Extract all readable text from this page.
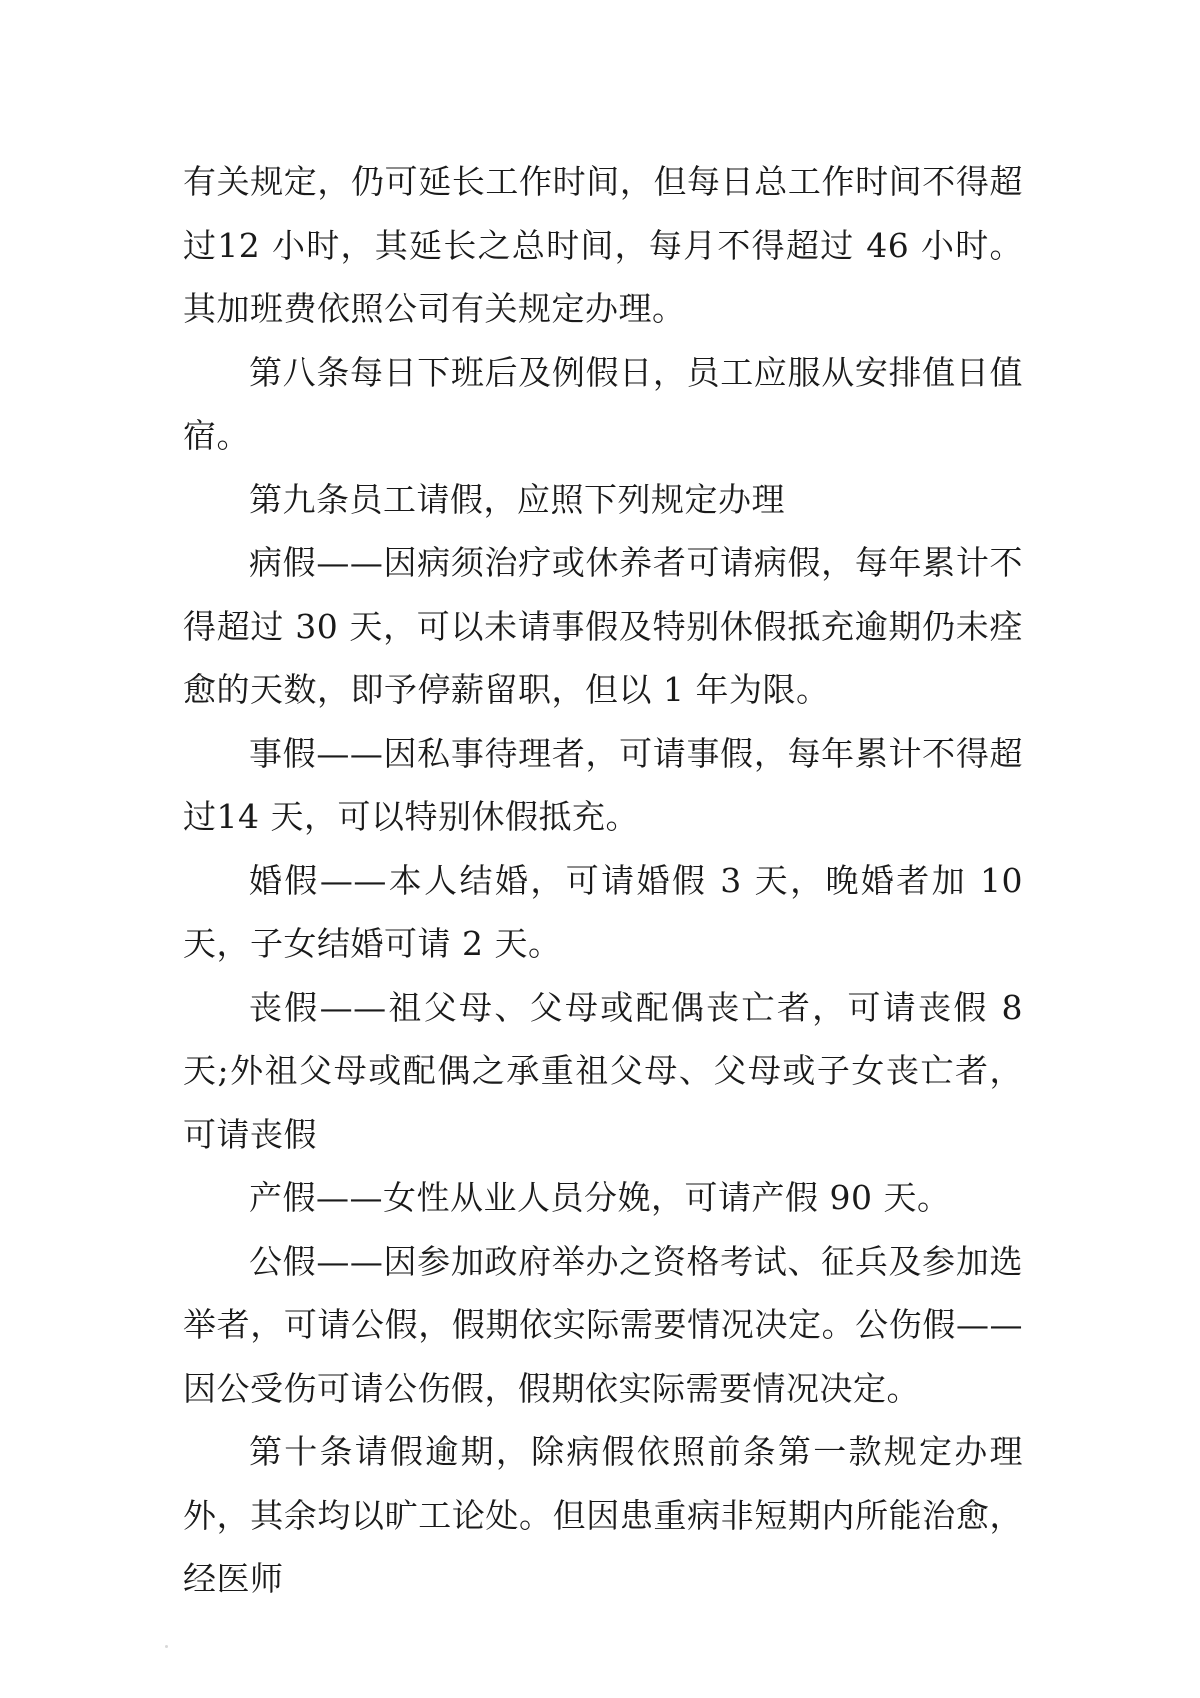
有关规定，仍可延长工作时间，但每日总工作时间不得超过12 小时，其延长之总时间，每月不得超过 46 小时。其加班费依照公司有关规定办理。

第八条每日下班后及例假日，员工应服从安排值日值宿。

第九条员工请假，应照下列规定办理

病假——因病须治疗或休养者可请病假，每年累计不得超过 30 天，可以未请事假及特别休假抵充逾期仍未痊愈的天数，即予停薪留职，但以 1 年为限。

事假——因私事待理者，可请事假，每年累计不得超过14 天，可以特别休假抵充。

婚假——本人结婚，可请婚假 3 天，晚婚者加 10 天，子女结婚可请 2 天。

丧假——祖父母、父母或配偶丧亡者，可请丧假 8 天;外祖父母或配偶之承重祖父母、父母或子女丧亡者，可请丧假

产假——女性从业人员分娩，可请产假 90 天。

公假——因参加政府举办之资格考试、征兵及参加选举者，可请公假，假期依实际需要情况决定。公伤假——因公受伤可请公伤假，假期依实际需要情况决定。

第十条请假逾期，除病假依照前条第一款规定办理外，其余均以旷工论处。但因患重病非短期内所能治愈，经医师
